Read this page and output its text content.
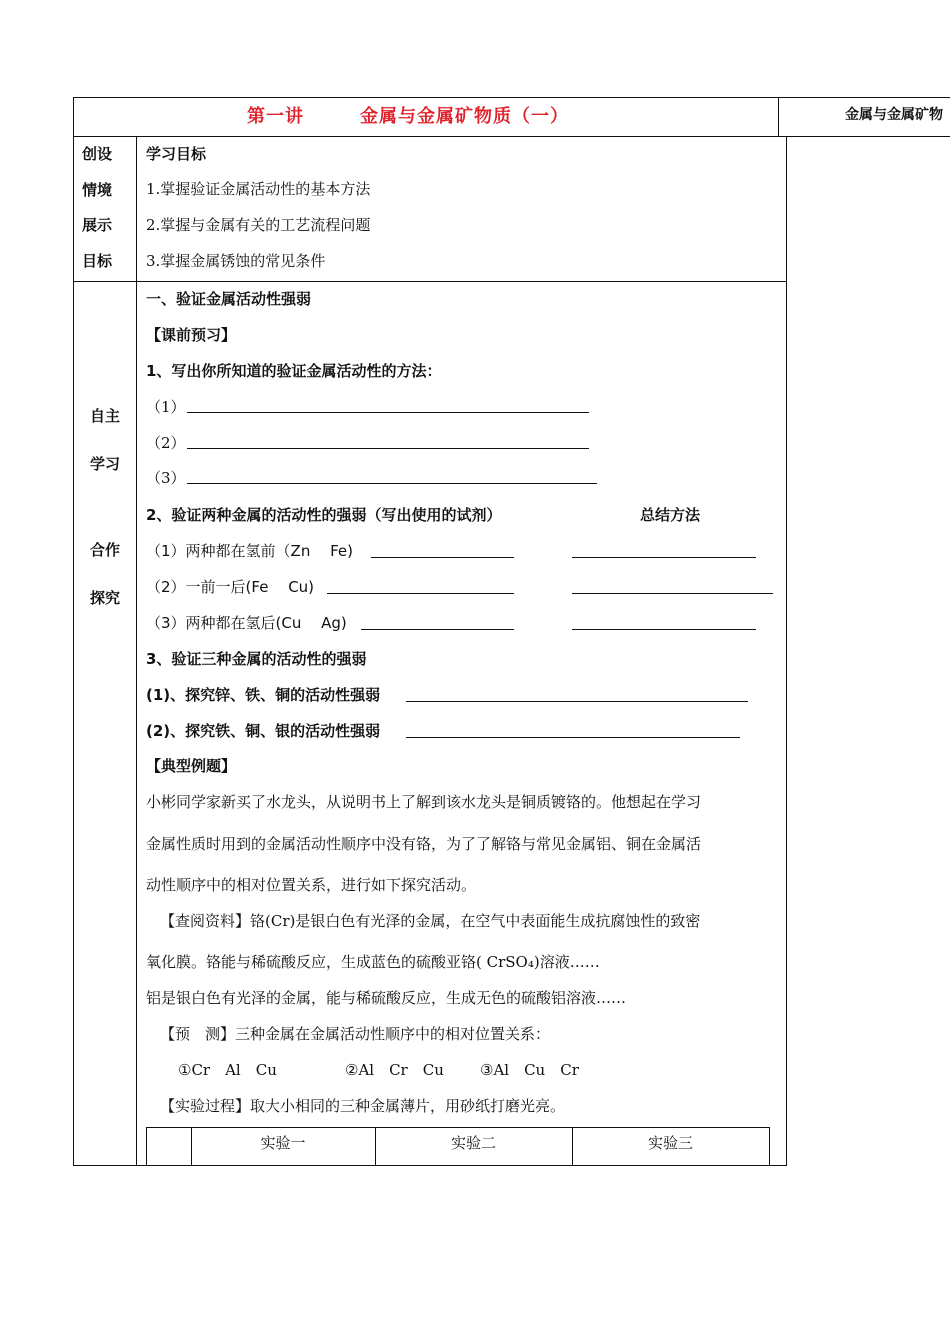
第一讲	金属与金属矿物质（一）	金属与金属矿物
创设
情境
展示
目标
学习目标
1.掌握验证金属活动性的基本方法
2.掌握与金属有关的工艺流程问题
3.掌握金属锈蚀的常见条件
自主
学习
合作
探究
一、验证金属活动性强弱
【课前预习】
1、写出你所知道的验证金属活动性的方法：
（1）
（2）
（3）
2、验证两种金属的活动性的强弱（写出使用的试剂）	总结方法
（1）两种都在氢前（Zn　 Fe)
（2）一前一后(Fe　 Cu)
（3）两种都在氢后(Cu　 Ag)
3、验证三种金属的活动性的强弱
(1)、探究锌、铁、铜的活动性强弱
(2)、探究铁、铜、银的活动性强弱
【典型例题】
小彬同学家新买了水龙头，从说明书上了解到该水龙头是铜质镀铬的。他想起在学习
金属性质时用到的金属活动性顺序中没有铬，为了了解铬与常见金属铝、铜在金属活
动性顺序中的相对位置关系，进行如下探究活动。
【查阅资料】铬(Cr)是银白色有光泽的金属，在空气中表面能生成抗腐蚀性的致密
氧化膜。铬能与稀硫酸反应，生成蓝色的硫酸亚铬( CrSO₄)溶液……
铝是银白色有光泽的金属，能与稀硫酸反应，生成无色的硫酸铝溶液……
【预　测】三种金属在金属活动性顺序中的相对位置关系：
①Cr　Al　Cu	②Al　Cr　Cu ③Al　Cu　Cr
【实验过程】取大小相同的三种金属薄片，用砂纸打磨光亮。
实验一	实验二	实验三
